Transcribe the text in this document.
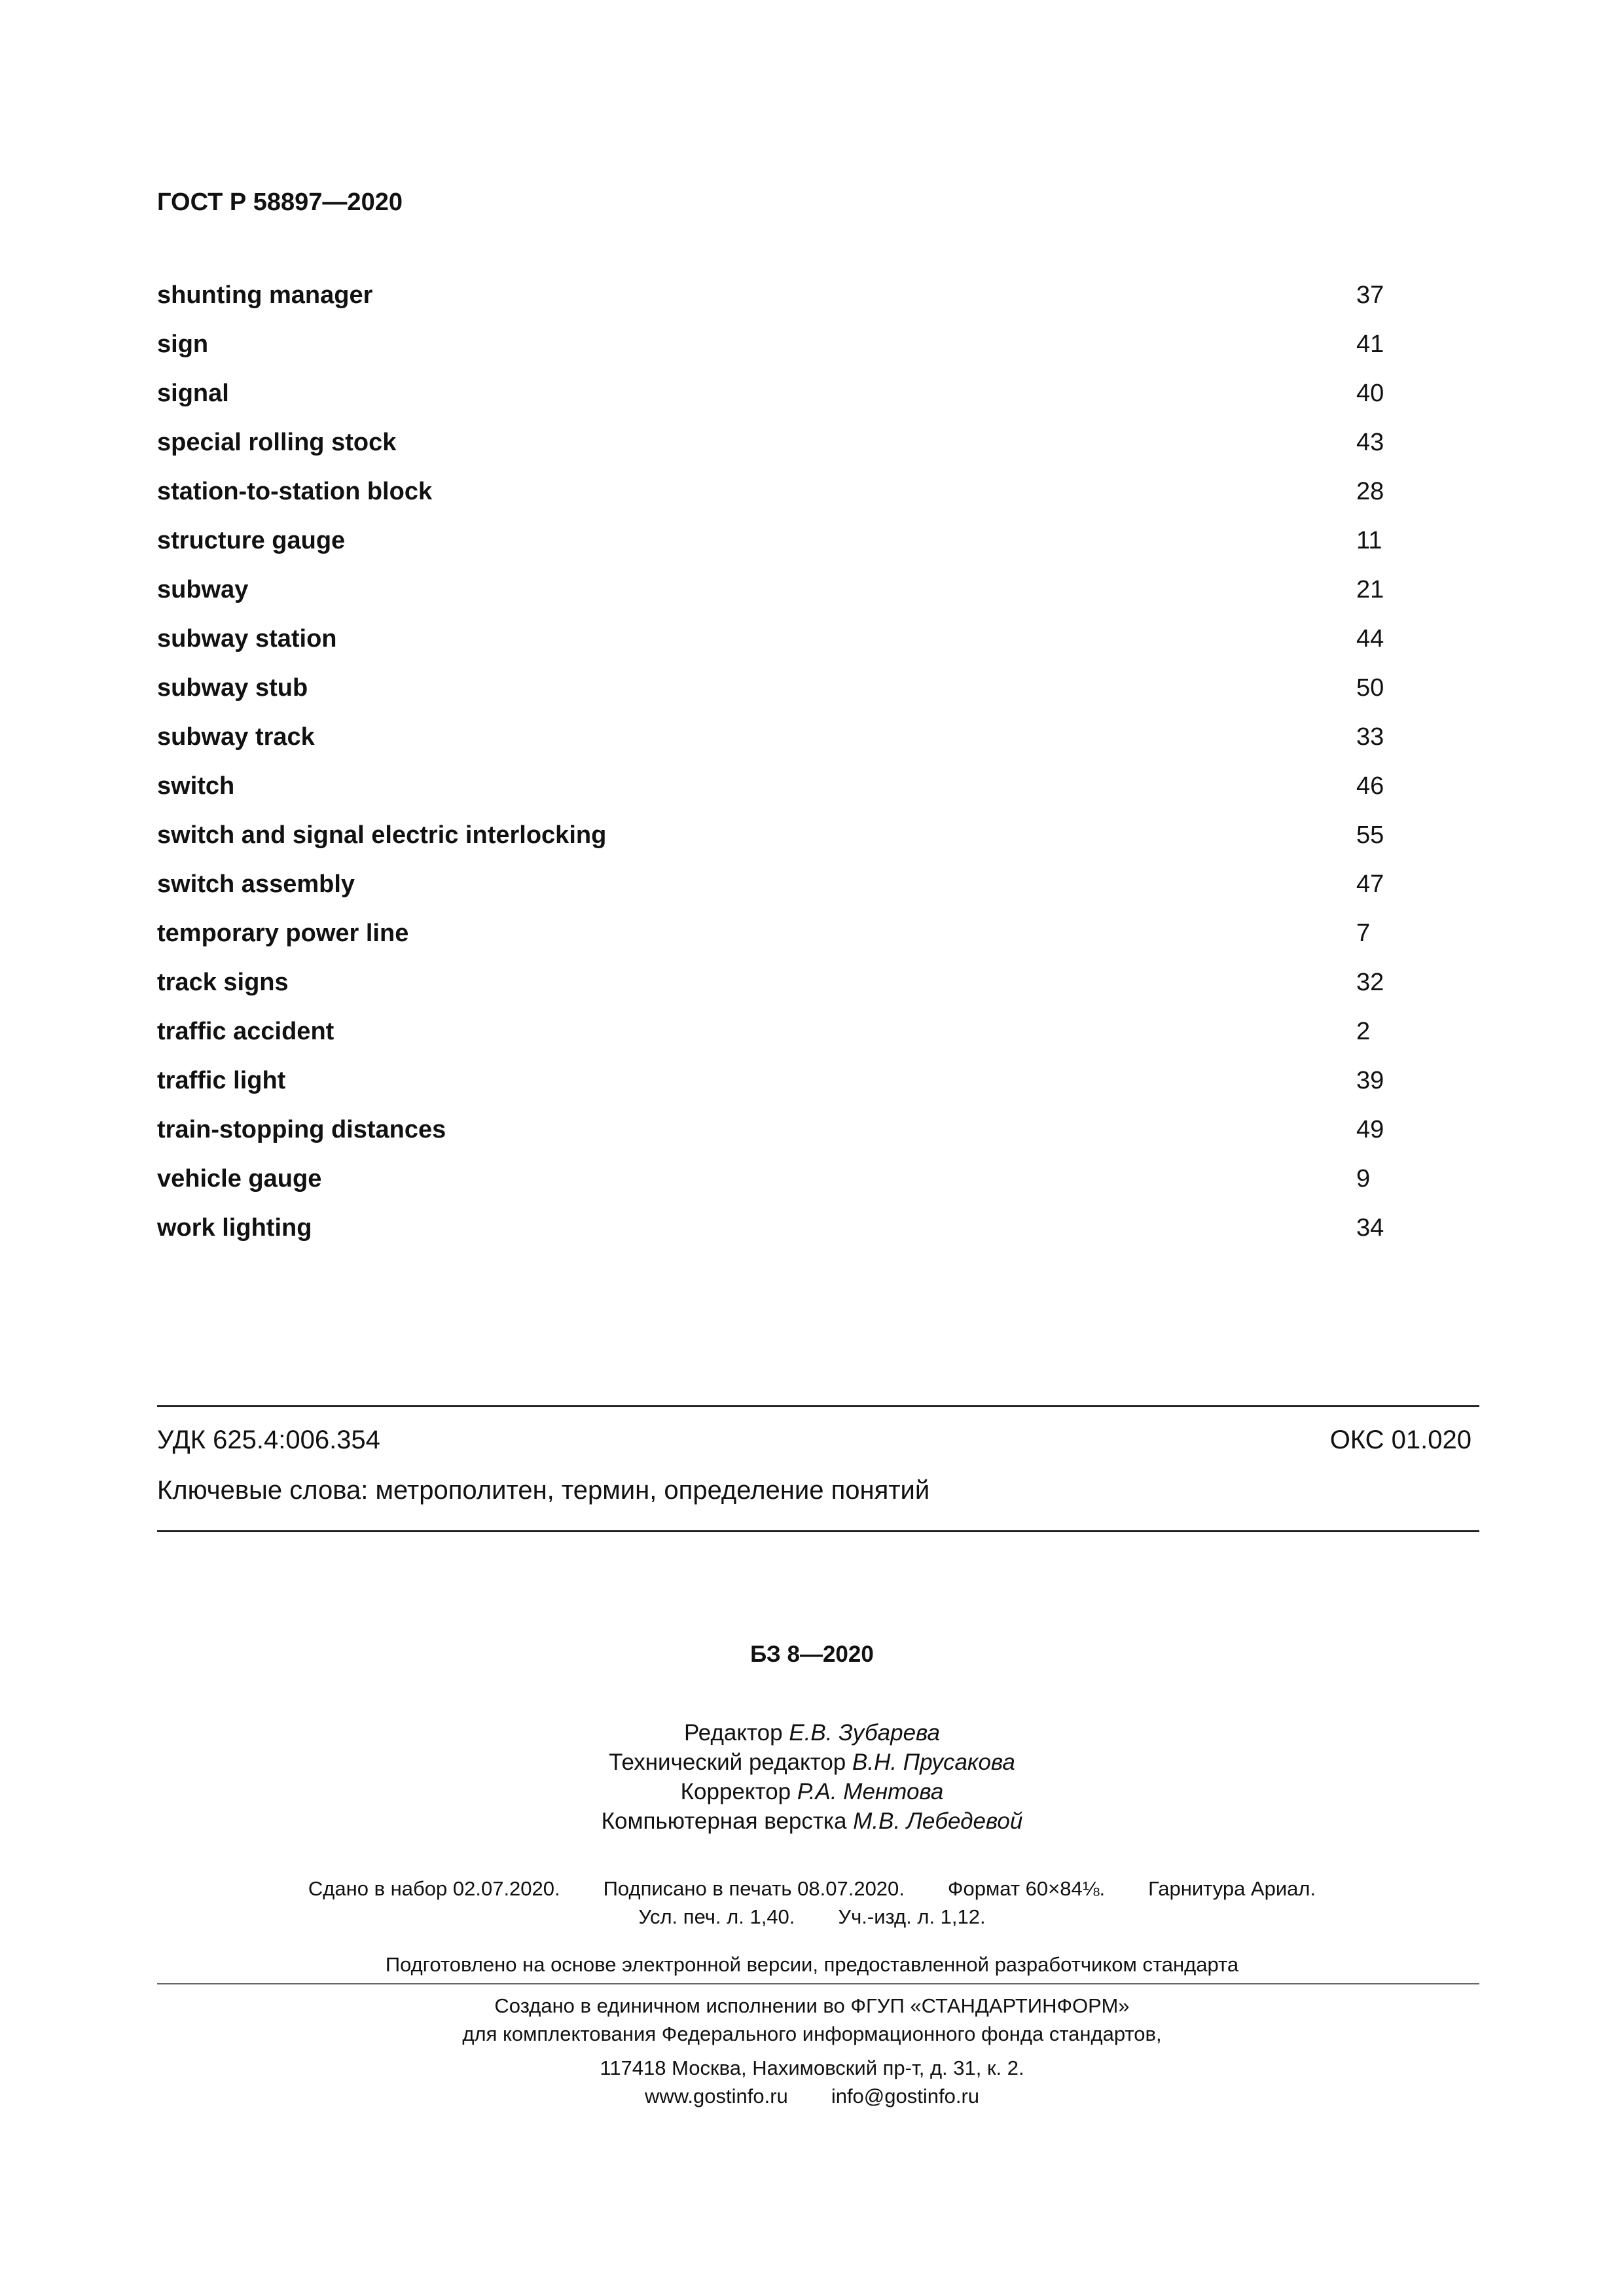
ГОСТ Р 58897—2020
shunting manager	37
sign	41
signal	40
special rolling stock	43
station-to-station block	28
structure gauge	11
subway	21
subway station	44
subway stub	50
subway track	33
switch	46
switch and signal electric interlocking	55
switch assembly	47
temporary power line	7
track signs	32
traffic accident	2
traffic light	39
train-stopping distances	49
vehicle gauge	9
work lighting	34
УДК 625.4:006.354	ОКС 01.020
Ключевые слова: метрополитен, термин, определение понятий
БЗ 8—2020
Редактор Е.В. Зубарева
Технический редактор В.Н. Прусакова
Корректор Р.А. Ментова
Компьютерная верстка М.В. Лебедевой
Сдано в набор 02.07.2020. Подписано в печать 08.07.2020. Формат 60×84⅛. Гарнитура Ариал.
Усл. печ. л. 1,40. Уч.-изд. л. 1,12.
Подготовлено на основе электронной версии, предоставленной разработчиком стандарта
Создано в единичном исполнении во ФГУП «СТАНДАРТИНФОРМ»
для комплектования Федерального информационного фонда стандартов,
117418 Москва, Нахимовский пр-т, д. 31, к. 2.
www.gostinfo.ru info@gostinfo.ru
